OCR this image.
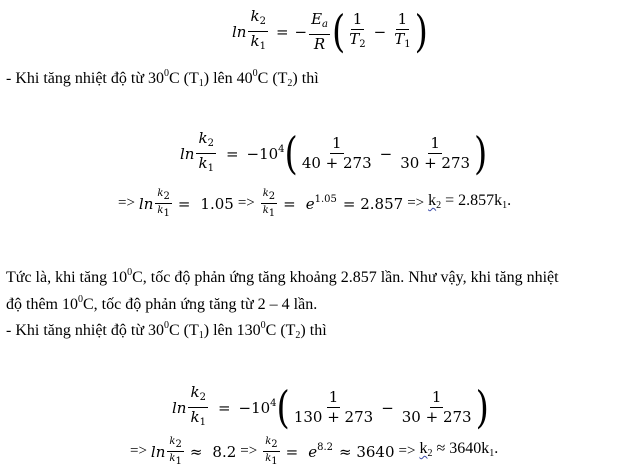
$\ln \frac{k_2}{k_1}$ = − $\frac{E_a}{R}$ ( $\frac{1}{T_2} - \frac{1}{T_1}$ )
- Khi tăng nhiệt độ từ $30^0C$ $(T_1)$ lên $40^0C$ $(T_2)$ thì
$\ln \frac{k_2}{k_1} = -10^4$ ( $\frac{1}{40 + 273} - \frac{1}{30 + 273}$ )
=> $\ln \frac{k_2}{k_1} = 1.05 => \frac{k_2}{k_1} = e^{1.05} = 2.857 => k_2 = 2.857k_1$.
Tức là, khi tăng $10^0C$, tốc độ phản ứng tăng khoảng 2.857 lần. Như vậy, khi tăng nhiệt
độ thêm $10^0C$, tốc độ phản ứng tăng từ 2 – 4 lần.
- Khi tăng nhiệt độ từ $30^0C$ $(T_1)$ lên $130^0C$ $(T_2)$ thì
$\ln \frac{k_2}{k_1} = -10^4$ ( $\frac{1}{130 + 273} - \frac{1}{30 + 273}$ )
=> $\ln \frac{k_2}{k_1} \approx 8.2 => \frac{k_2}{k_1} = e^{8.2} \approx 3640 => k_2 \approx 3640k_1$.
